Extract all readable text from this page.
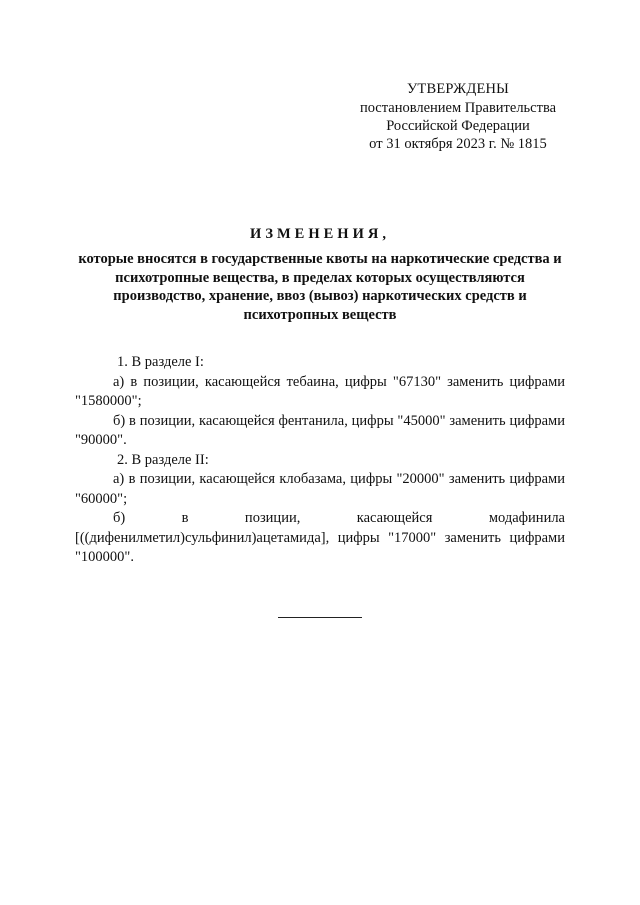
УТВЕРЖДЕНЫ
постановлением Правительства
Российской Федерации
от 31 октября 2023 г. № 1815
ИЗМЕНЕНИЯ,
которые вносятся в государственные квоты на наркотические средства и психотропные вещества, в пределах которых осуществляются производство, хранение, ввоз (вывоз) наркотических средств и психотропных веществ

1. В разделе I:

а) в позиции, касающейся тебаина, цифры "67130" заменить цифрами "1580000";

б) в позиции, касающейся фентанила, цифры "45000" заменить цифрами "90000".

2. В разделе II:

а) в позиции, касающейся клобазама, цифры "20000" заменить цифрами "60000";

б) в позиции, касающейся модафинила [((дифенилметил)сульфинил)ацетамида], цифры "17000" заменить цифрами "100000".
